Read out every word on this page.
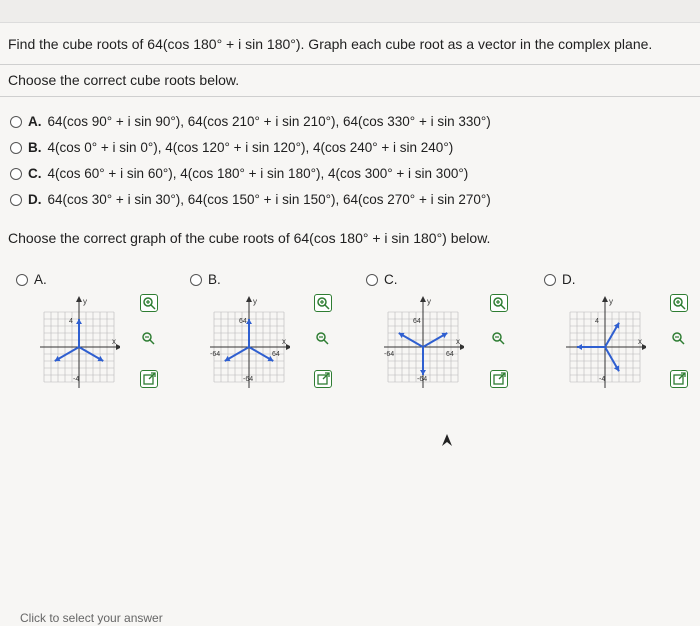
Find the cube roots of 64(cos 180° + i sin 180°). Graph each cube root as a vector in the complex plane.
Choose the correct cube roots below.
A. 64(cos 90° + i sin 90°), 64(cos 210° + i sin 210°), 64(cos 330° + i sin 330°)
B. 4(cos 0° + i sin 0°), 4(cos 120° + i sin 120°), 4(cos 240° + i sin 240°)
C. 4(cos 60° + i sin 60°), 4(cos 180° + i sin 180°), 4(cos 300° + i sin 300°)
D. 64(cos 30° + i sin 30°), 64(cos 150° + i sin 150°), 64(cos 270° + i sin 270°)
Choose the correct graph of the cube roots of 64(cos 180° + i sin 180°) below.
A.	B.	C.	D.
y
x
4
-4
y
x
64
-64
-64	64
y
x
64
-64
-64	64
y
x
4
-4
Click to select your answer
